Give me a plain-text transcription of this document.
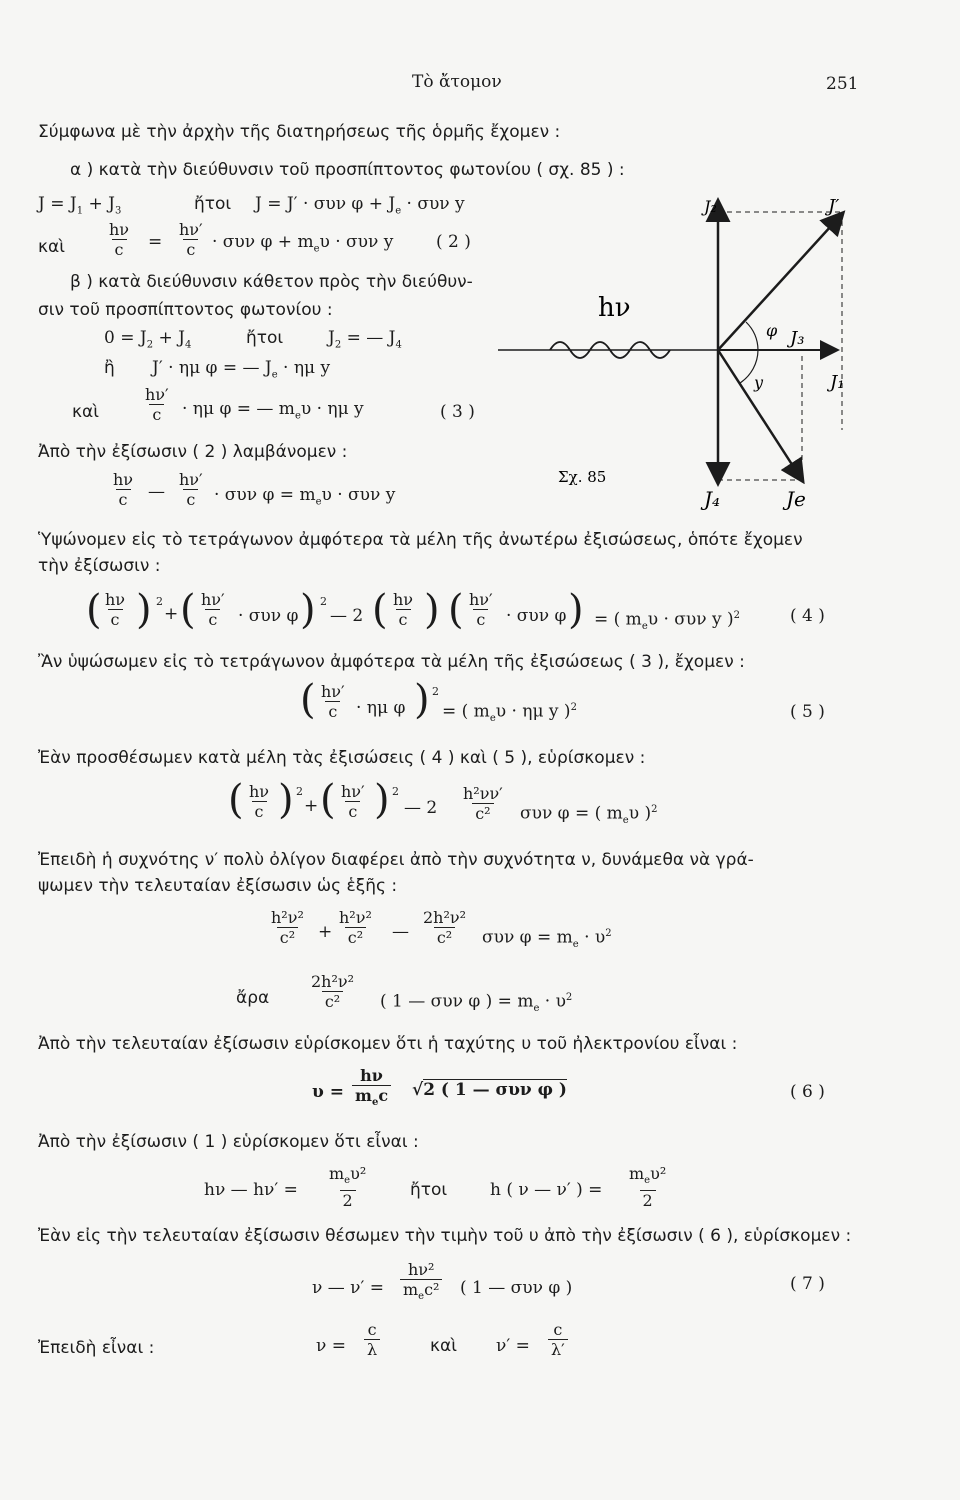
Τὸ ἄτομον	251
Σύμφωνα μὲ τὴν ἀρχὴν τῆς διατηρήσεως τῆς ὁρμῆς ἔχομεν :
α ) κατὰ τὴν διεύθυνσιν τοῦ προσπίπτοντος φωτονίου ( σχ. 85 ) :
$J = J_1 + J_3$	ἤτοι J = J′ · συν $\varphi + J_e \cdot \sigma\upsilon\nu$ y
καὶ
hν
c =
hν′
c · συν $\varphi + m_e\upsilon \cdot \sigma\upsilon\nu$ y	( 2 )
β ) κατὰ διεύθυνσιν κάθετον πρὸς τὴν διεύθυν-
σιν τοῦ προσπίπτοντος φωτονίου :
$0 = J_2 + J_4$	ἤτοι	$J_2$ = — $J_4$
ἢ J′ · ημ φ = — $J_e \cdot \eta\mu$ y
καὶ
hν′
c · ημ φ = — $m_e\upsilon \cdot \eta\mu$ y	( 3 )
Ἀπὸ τὴν ἐξίσωσιν ( 2 ) λαμβάνομεν :
hν
c —
hν′
c · συν $\varphi = m_e\upsilon \cdot \sigma\upsilon\nu$ y
Ὑψώνομεν εἰς τὸ τετράγωνον ἀμφότερα τὰ μέλη τῆς ἀνωτέρω ἐξισώσεως, ὁπότε ἔχομεν
τὴν ἐξίσωσιν :
( hν
c ) 2
+ ( hν′
c · συν φ ) 2
— 2 ( hν
c ) ( hν′
c · συν φ ) = ( $m_e\upsilon \cdot \sigma\upsilon\nu$ y )$^2$	( 4 )
Ἂν ὑψώσωμεν εἰς τὸ τετράγωνον ἀμφότερα τὰ μέλη τῆς ἐξισώσεως ( 3 ), ἔχομεν :
( hν′
c · ημ φ ) 2
= ( $m_e\upsilon \cdot \eta\mu$ y )$^2$	( 5 )
Ἐὰν προσθέσωμεν κατὰ μέλη τὰς ἐξισώσεις ( 4 ) καὶ ( 5 ), εὑρίσκομεν :
( hν
c ) 2
+ ( hν′
c ) 2
— 2
h²νν′
c² συν φ = ( $m_e\upsilon$ )$^2$
Ἐπειδὴ ἡ συχνότης ν′ πολὺ ὀλίγον διαφέρει ἀπὸ τὴν συχνότητα ν, δυνάμεθα νὰ γρά-
ψωμεν τὴν τελευταίαν ἐξίσωσιν ὡς ἑξῆς :
h²ν²
c² +
h²ν²
c² —
2h²ν²
c² συν $\varphi = m_e \cdot \upsilon^2$
ἄρα
2h²ν²
c² ( 1 — συν φ ) = $m_e \cdot \upsilon^2$
Ἀπὸ τὴν τελευταίαν ἐξίσωσιν εὑρίσκομεν ὅτι ἡ ταχύτης υ τοῦ ἠλεκτρονίου εἶναι :
υ =
hν
$m_ec$ √2 ( 1 — συν φ )	( 6 )
Ἀπὸ τὴν ἐξίσωσιν ( 1 ) εὑρίσκομεν ὅτι εἶναι :
hν — hν′ =
$m_e\upsilon^2$
2
ἤτοι	h ( ν — ν′ ) =
$m_e\upsilon^2$
2
Ἐὰν εἰς τὴν τελευταίαν ἐξίσωσιν θέσωμεν τὴν τιμὴν τοῦ υ ἀπὸ τὴν ἐξίσωσιν ( 6 ), εὑρίσκομεν :
ν — ν′ =
hν²
$m_ec^2$ ( 1 — συν φ )	( 7 )
Ἐπειδὴ εἶναι :	ν =
c
λ	καὶ ν′ =
c
λ′
hν
J₂	J′
J₃
φ
y	J₁
J₄	Je
Σχ. 85
